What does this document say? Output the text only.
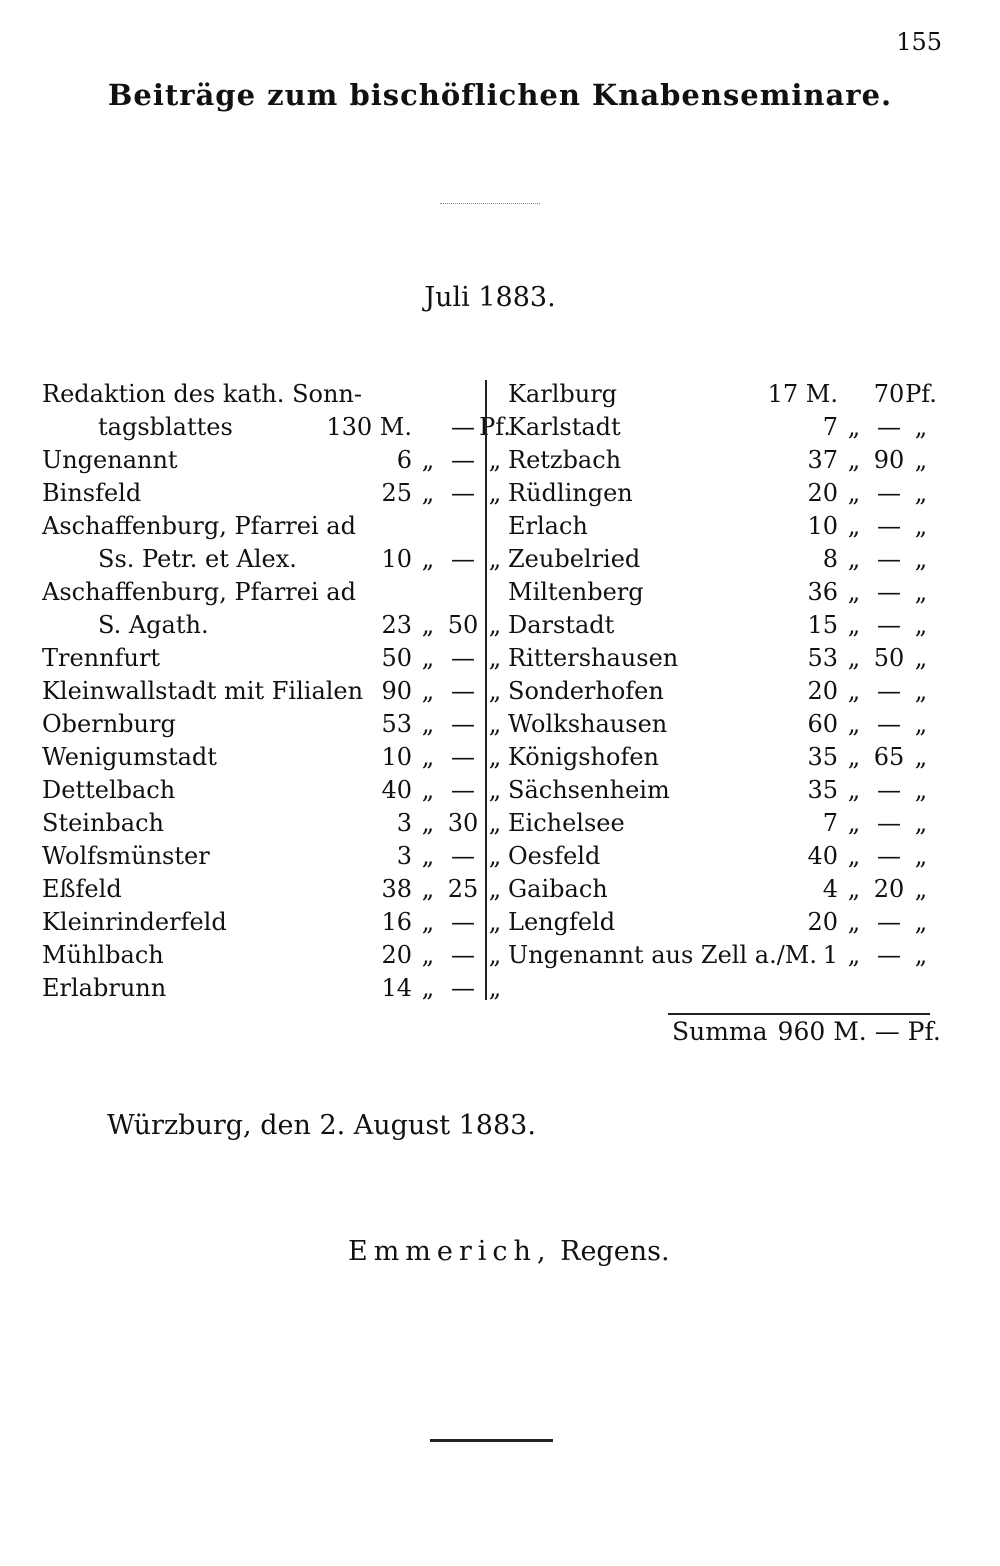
155
Beiträge zum bischöflichen Knabenseminare.
Juli 1883.
Redaktion des kath. Sonn-
tagsblattes	130 M. — Pf.
Ungenannt	6 „ — „
Binsfeld	25 „ — „
Aschaffenburg, Pfarrei ad
Ss. Petr. et Alex.	10 „ — „
Aschaffenburg, Pfarrei ad
S. Agath.	23 „ 50 „
Trennfurt	50 „ — „
Kleinwallstadt mit Filialen 90 „ — „
Obernburg	53 „ — „
Wenigumstadt	10 „ — „
Dettelbach	40 „ — „
Steinbach	3 „ 30 „
Wolfsmünster	3 „ — „
Eßfeld	38 „ 25 „
Kleinrinderfeld	16 „ — „
Mühlbach	20 „ — „
Erlabrunn	14 „ — „
Karlburg	17 M. 70 Pf.
Karlstadt	7 „ — „
Retzbach	37 „ 90 „
Rüdlingen	20 „ — „
Erlach	10 „ — „
Zeubelried	8 „ — „
Miltenberg	36 „ — „
Darstadt	15 „ — „
Rittershausen	53 „ 50 „
Sonderhofen	20 „ — „
Wolkshausen	60 „ — „
Königshofen	35 „ 65 „
Sächsenheim	35 „ — „
Eichelsee	7 „ — „
Oesfeld	40 „ — „
Gaibach	4 „ 20 „
Lengfeld	20 „ — „
Ungenannt aus Zell a./M. 1 „ — „
Summa 960 M. — Pf.
Würzburg, den 2. August 1883.
Emmerich, Regens.
